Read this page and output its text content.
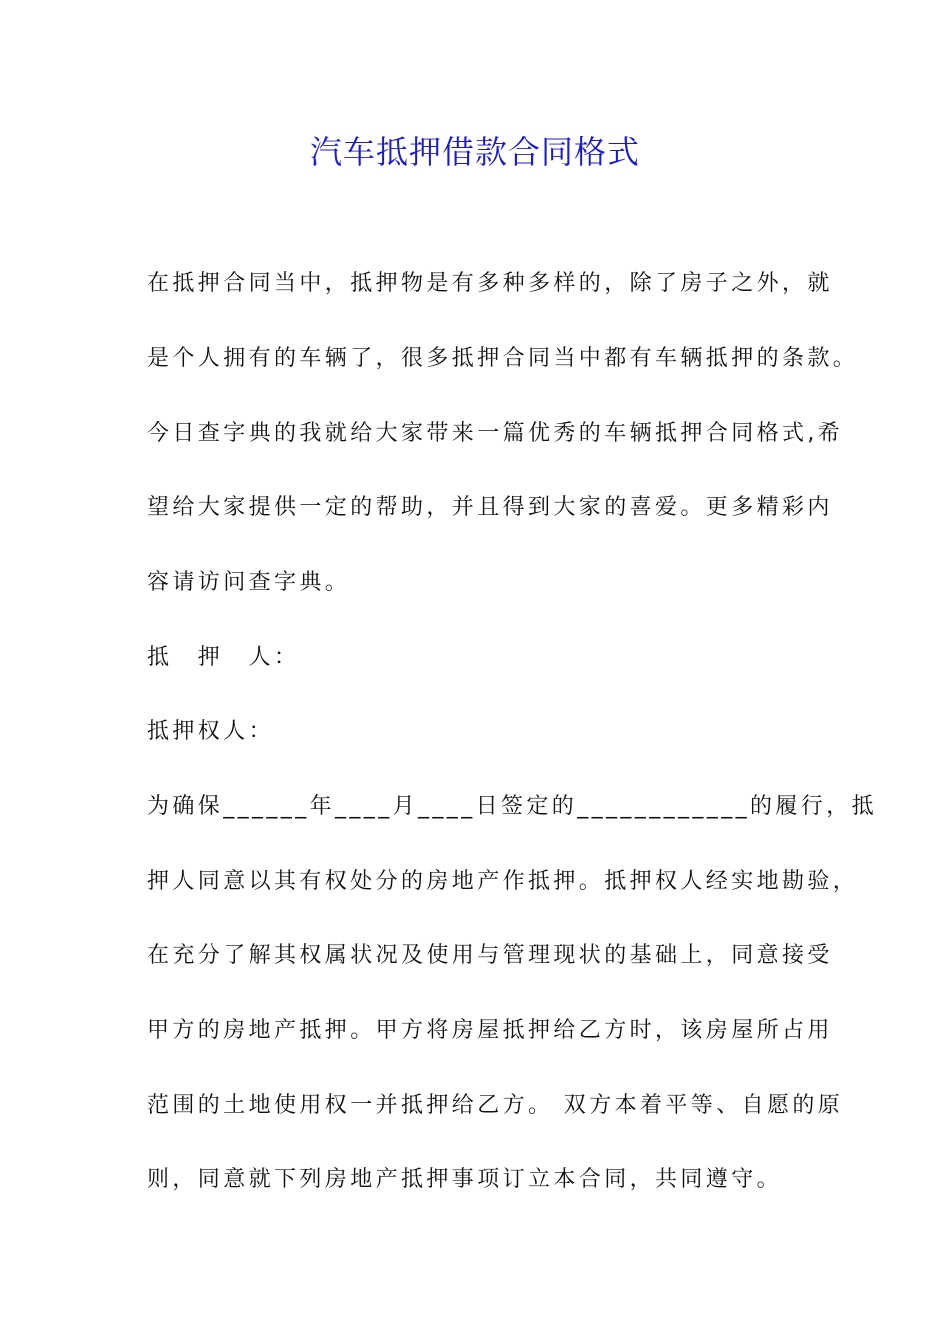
汽车抵押借款合同格式
在抵押合同当中，抵押物是有多种多样的，除了房子之外，就
是个人拥有的车辆了，很多抵押合同当中都有车辆抵押的条款。
今日查字典的我就给大家带来一篇优秀的车辆抵押合同格式,希
望给大家提供一定的帮助，并且得到大家的喜爱。更多精彩内
容请访问查字典。
抵　押　人：
抵押权人：
为确保______年____月____日签定的____________的履行，抵
押人同意以其有权处分的房地产作抵押。抵押权人经实地勘验，
在充分了解其权属状况及使用与管理现状的基础上，同意接受
甲方的房地产抵押。甲方将房屋抵押给乙方时，该房屋所占用
范围的土地使用权一并抵押给乙方。 双方本着平等、自愿的原
则，同意就下列房地产抵押事项订立本合同，共同遵守。
